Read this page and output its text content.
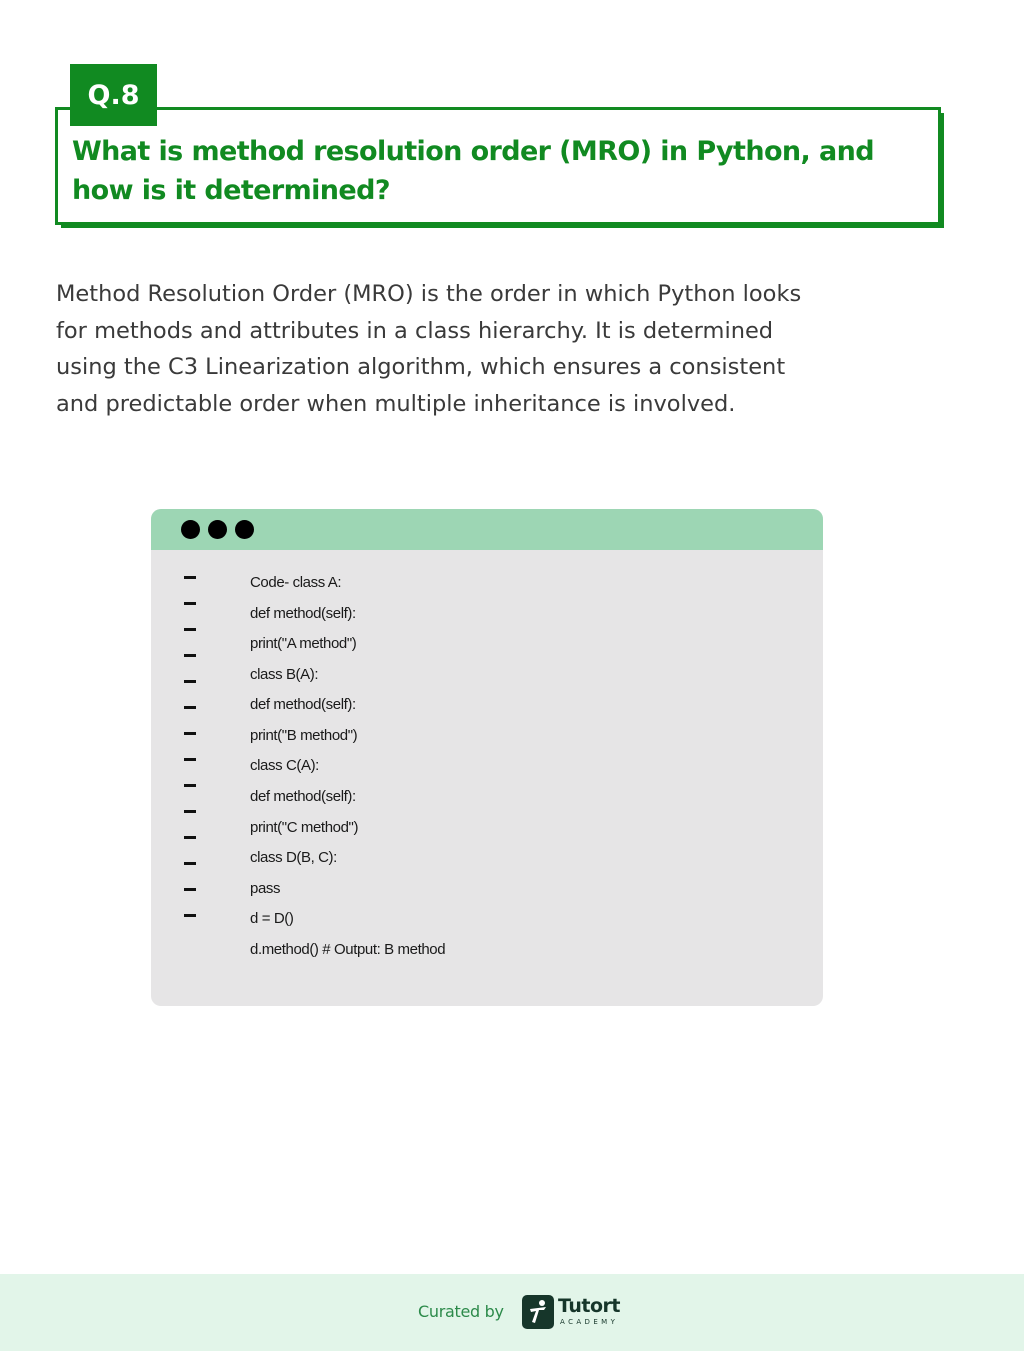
Q.8
What is method resolution order (MRO) in Python, and how is it determined?

Method Resolution Order (MRO) is the order in which Python looks
for methods and attributes in a class hierarchy. It is determined
using the C3 Linearization algorithm, which ensures a consistent
and predictable order when multiple inheritance is involved.

Code- class A:
def method(self):
print("A method")
class B(A):
def method(self):
print("B method")
class C(A):
def method(self):
print("C method")
class D(B, C):
pass
d = D()
d.method() # Output: B method
Curated by	Tutort
ACADEMY
